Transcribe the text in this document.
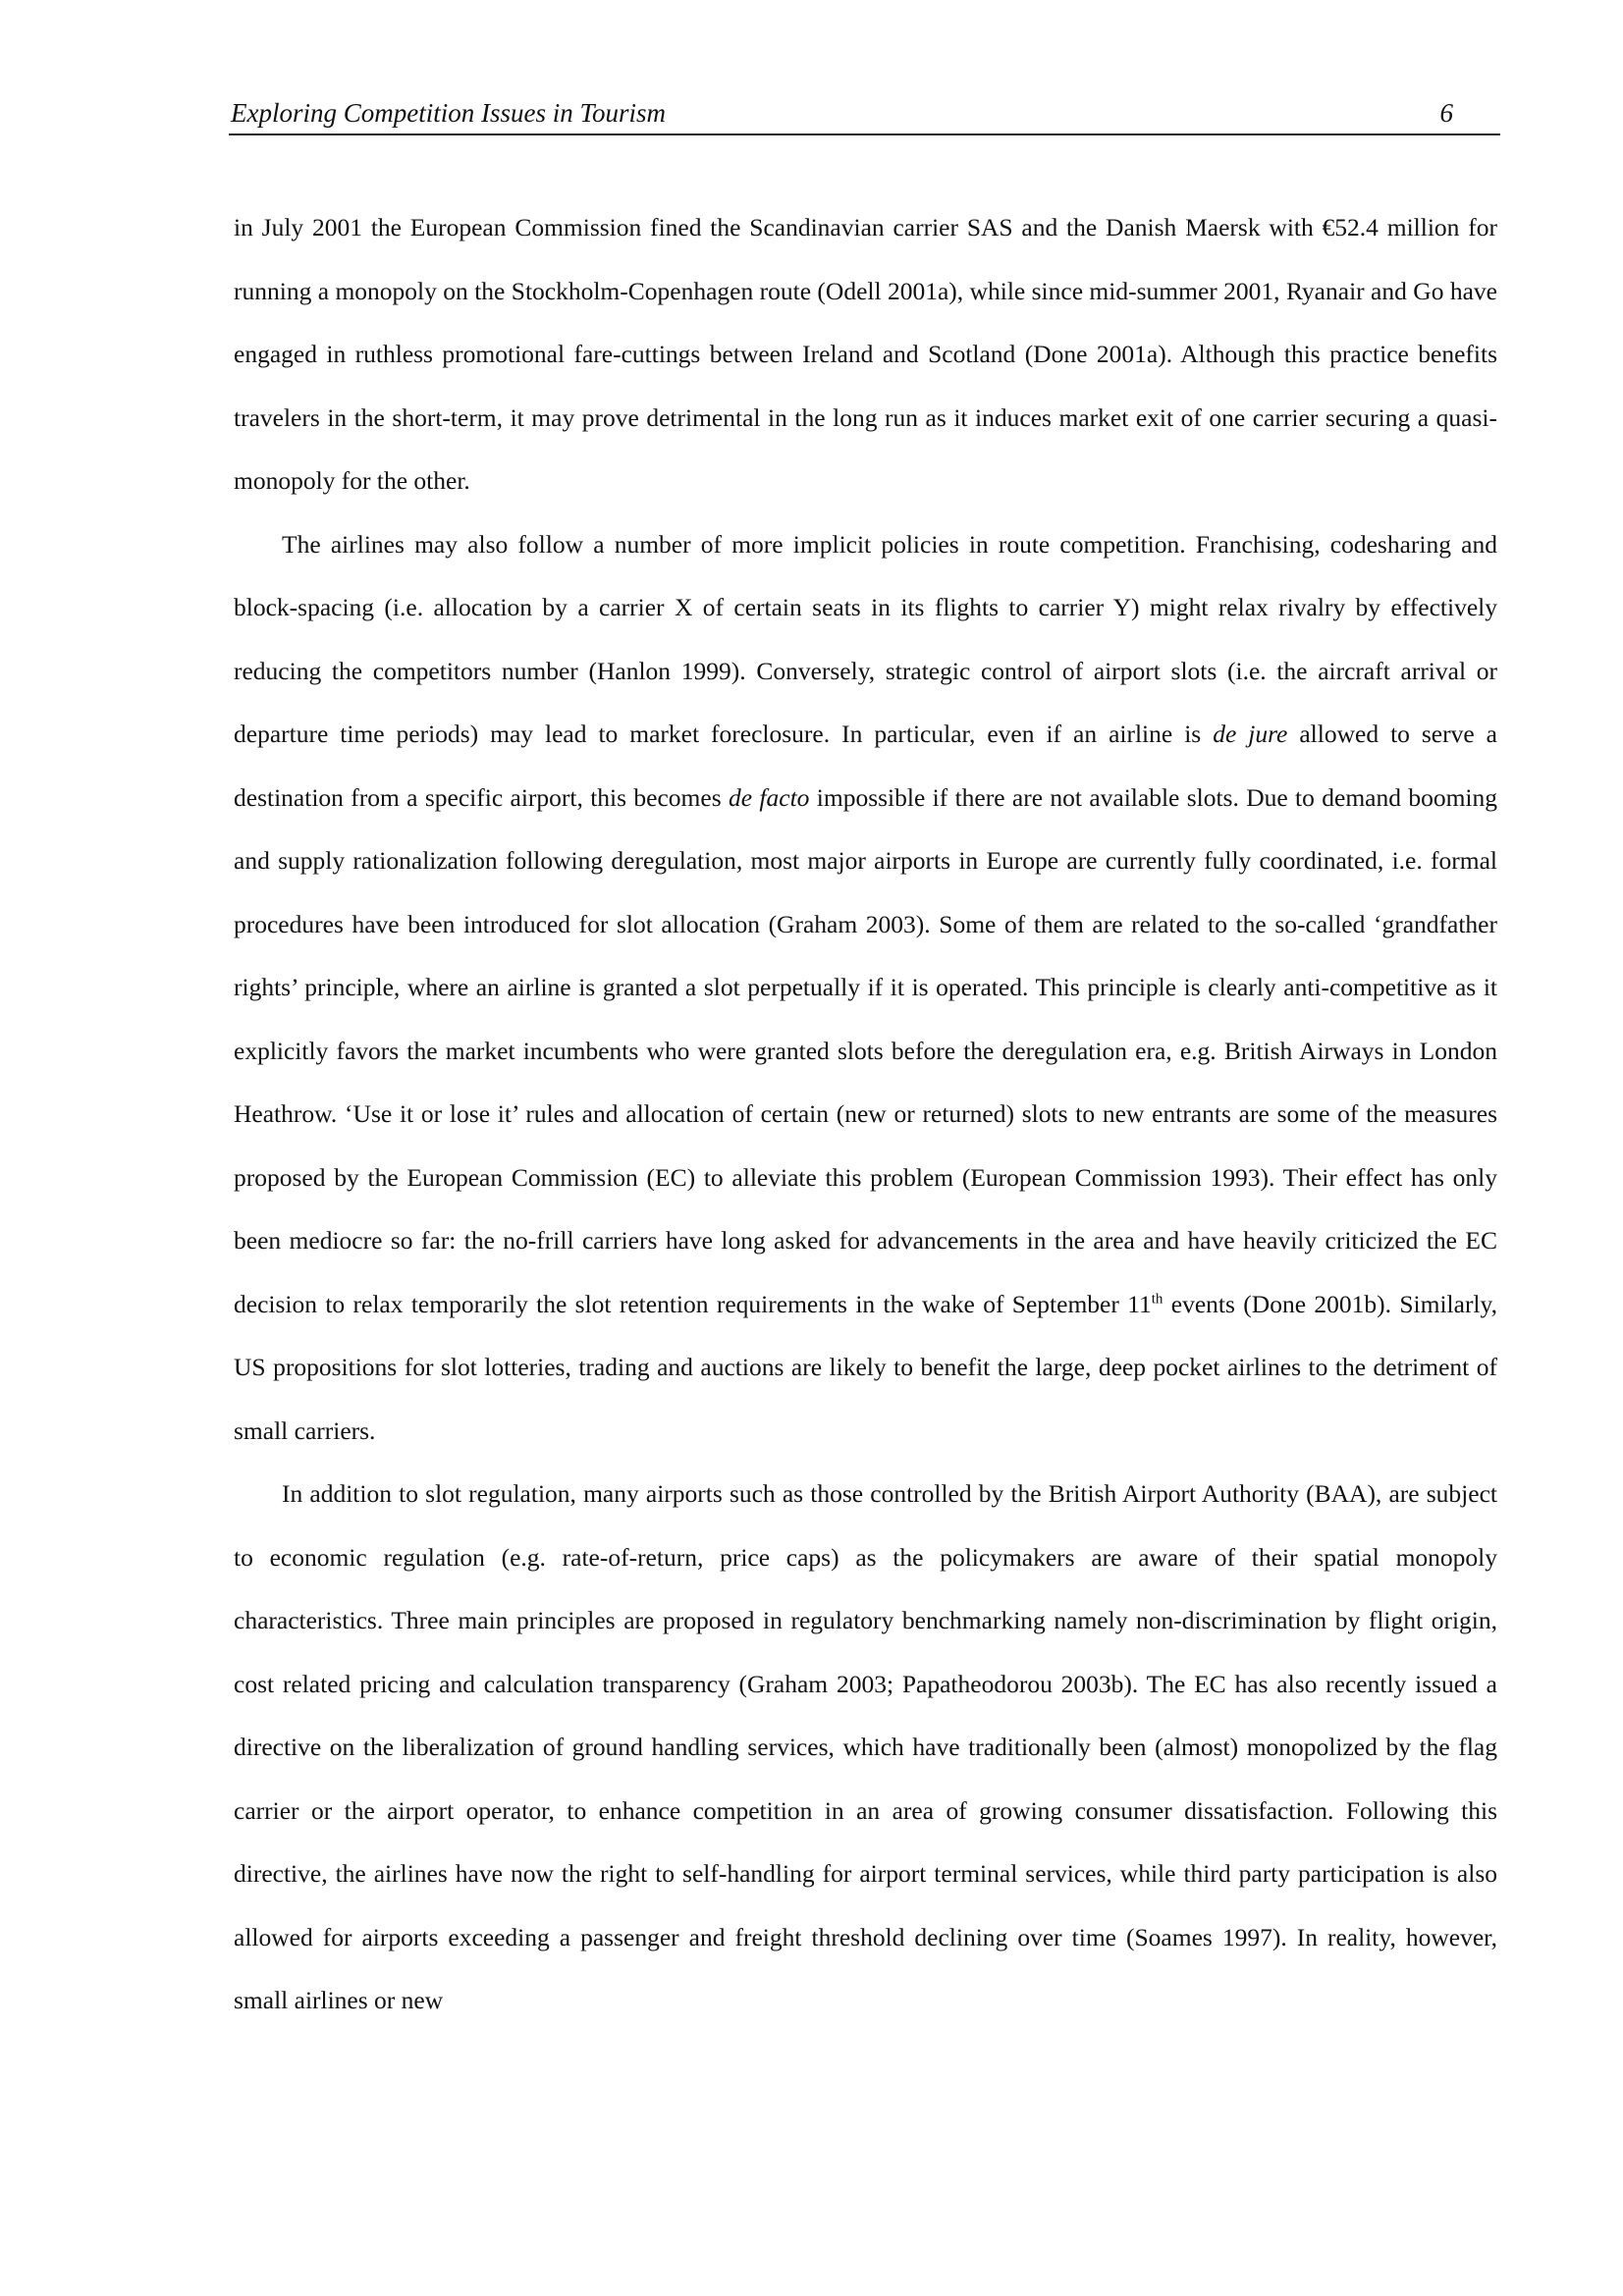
Exploring Competition Issues in Tourism	6

in July 2001 the European Commission fined the Scandinavian carrier SAS and the Danish Maersk with €52.4 million for running a monopoly on the Stockholm-Copenhagen route (Odell 2001a), while since mid-summer 2001, Ryanair and Go have engaged in ruthless promotional fare-cuttings between Ireland and Scotland (Done 2001a). Although this practice benefits travelers in the short-term, it may prove detrimental in the long run as it induces market exit of one carrier securing a quasi-monopoly for the other.

The airlines may also follow a number of more implicit policies in route competition. Franchising, codesharing and block-spacing (i.e. allocation by a carrier X of certain seats in its flights to carrier Y) might relax rivalry by effectively reducing the competitors number (Hanlon 1999). Conversely, strategic control of airport slots (i.e. the aircraft arrival or departure time periods) may lead to market foreclosure. In particular, even if an airline is de jure allowed to serve a destination from a specific airport, this becomes de facto impossible if there are not available slots. Due to demand booming and supply rationalization following deregulation, most major airports in Europe are currently fully coordinated, i.e. formal procedures have been introduced for slot allocation (Graham 2003). Some of them are related to the so-called ‘grandfather rights’ principle, where an airline is granted a slot perpetually if it is operated. This principle is clearly anti-competitive as it explicitly favors the market incumbents who were granted slots before the deregulation era, e.g. British Airways in London Heathrow. ‘Use it or lose it’ rules and allocation of certain (new or returned) slots to new entrants are some of the measures proposed by the European Commission (EC) to alleviate this problem (European Commission 1993). Their effect has only been mediocre so far: the no-frill carriers have long asked for advancements in the area and have heavily criticized the EC decision to relax temporarily the slot retention requirements in the wake of September 11th events (Done 2001b). Similarly, US propositions for slot lotteries, trading and auctions are likely to benefit the large, deep pocket airlines to the detriment of small carriers.

In addition to slot regulation, many airports such as those controlled by the British Airport Authority (BAA), are subject to economic regulation (e.g. rate-of-return, price caps) as the policymakers are aware of their spatial monopoly characteristics. Three main principles are proposed in regulatory benchmarking namely non-discrimination by flight origin, cost related pricing and calculation transparency (Graham 2003; Papatheodorou 2003b). The EC has also recently issued a directive on the liberalization of ground handling services, which have traditionally been (almost) monopolized by the flag carrier or the airport operator, to enhance competition in an area of growing consumer dissatisfaction. Following this directive, the airlines have now the right to self-handling for airport terminal services, while third party participation is also allowed for airports exceeding a passenger and freight threshold declining over time (Soames 1997). In reality, however, small airlines or new
